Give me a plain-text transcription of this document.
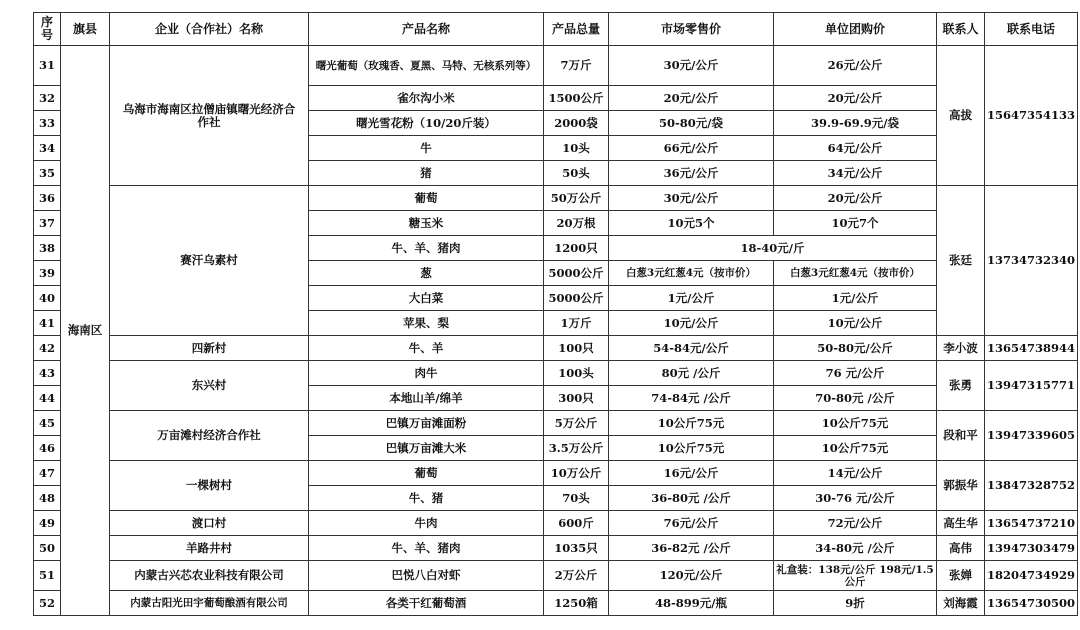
序号	旗县	企业（合作社）名称	产品名称	产品总量	市场零售价	单位团购价	联系人	联系电话
31	海南区	乌海市海南区拉僧庙镇曙光经济合作社	曙光葡萄（玫瑰香、夏黑、马特、无核系列等）	7万斤	30元/公斤	26元/公斤	高拔	15647354133
32			雀尔沟小米	1500公斤	20元/公斤	20元/公斤		
33			曙光雪花粉（10/20斤装）	2000袋	50-80元/袋	39.9-69.9元/袋		
34			牛	10头	66元/公斤	64元/公斤		
35			猪	50头	36元/公斤	34元/公斤		
36		赛汗乌素村	葡萄	50万公斤	30元/公斤	20元/公斤	张廷	13734732340
37			糖玉米	20万根	10元5个	10元7个		
38			牛、羊、猪肉	1200只	18-40元/斤			
39			葱	5000公斤	白葱3元红葱4元（按市价）	白葱3元红葱4元（按市价）		
40			大白菜	5000公斤	1元/公斤	1元/公斤		
41			苹果、梨	1万斤	10元/公斤	10元/公斤		
42		四新村	牛、羊	100只	54-84元/公斤	50-80元/公斤	李小波	13654738944
43		东兴村	肉牛	100头	80元 /公斤	76 元/公斤	张勇	13947315771
44			本地山羊/绵羊	300只	74-84元 /公斤	70-80元 /公斤		
45		万亩滩村经济合作社	巴镇万亩滩面粉	5万公斤	10公斤75元	10公斤75元	段和平	13947339605
46			巴镇万亩滩大米	3.5万公斤	10公斤75元	10公斤75元		
47		一棵树村	葡萄	10万公斤	16元/公斤	14元/公斤	郭振华	13847328752
48			牛、猪	70头	36-80元 /公斤	30-76 元/公斤		
49		渡口村	牛肉	600斤	76元/公斤	72元/公斤	高生华	13654737210
50		羊路井村	牛、羊、猪肉	1035只	36-82元 /公斤	34-80元 /公斤	高伟	13947303479
51		内蒙古兴芯农业科技有限公司	巴悦八白对虾	2万公斤	120元/公斤	礼盒装：138元/公斤 198元/1.5公斤	张婵	18204734929
52		内蒙古阳光田宇葡萄酿酒有限公司	各类干红葡萄酒	1250箱	48-899元/瓶	9折	刘海霞	13654730500
